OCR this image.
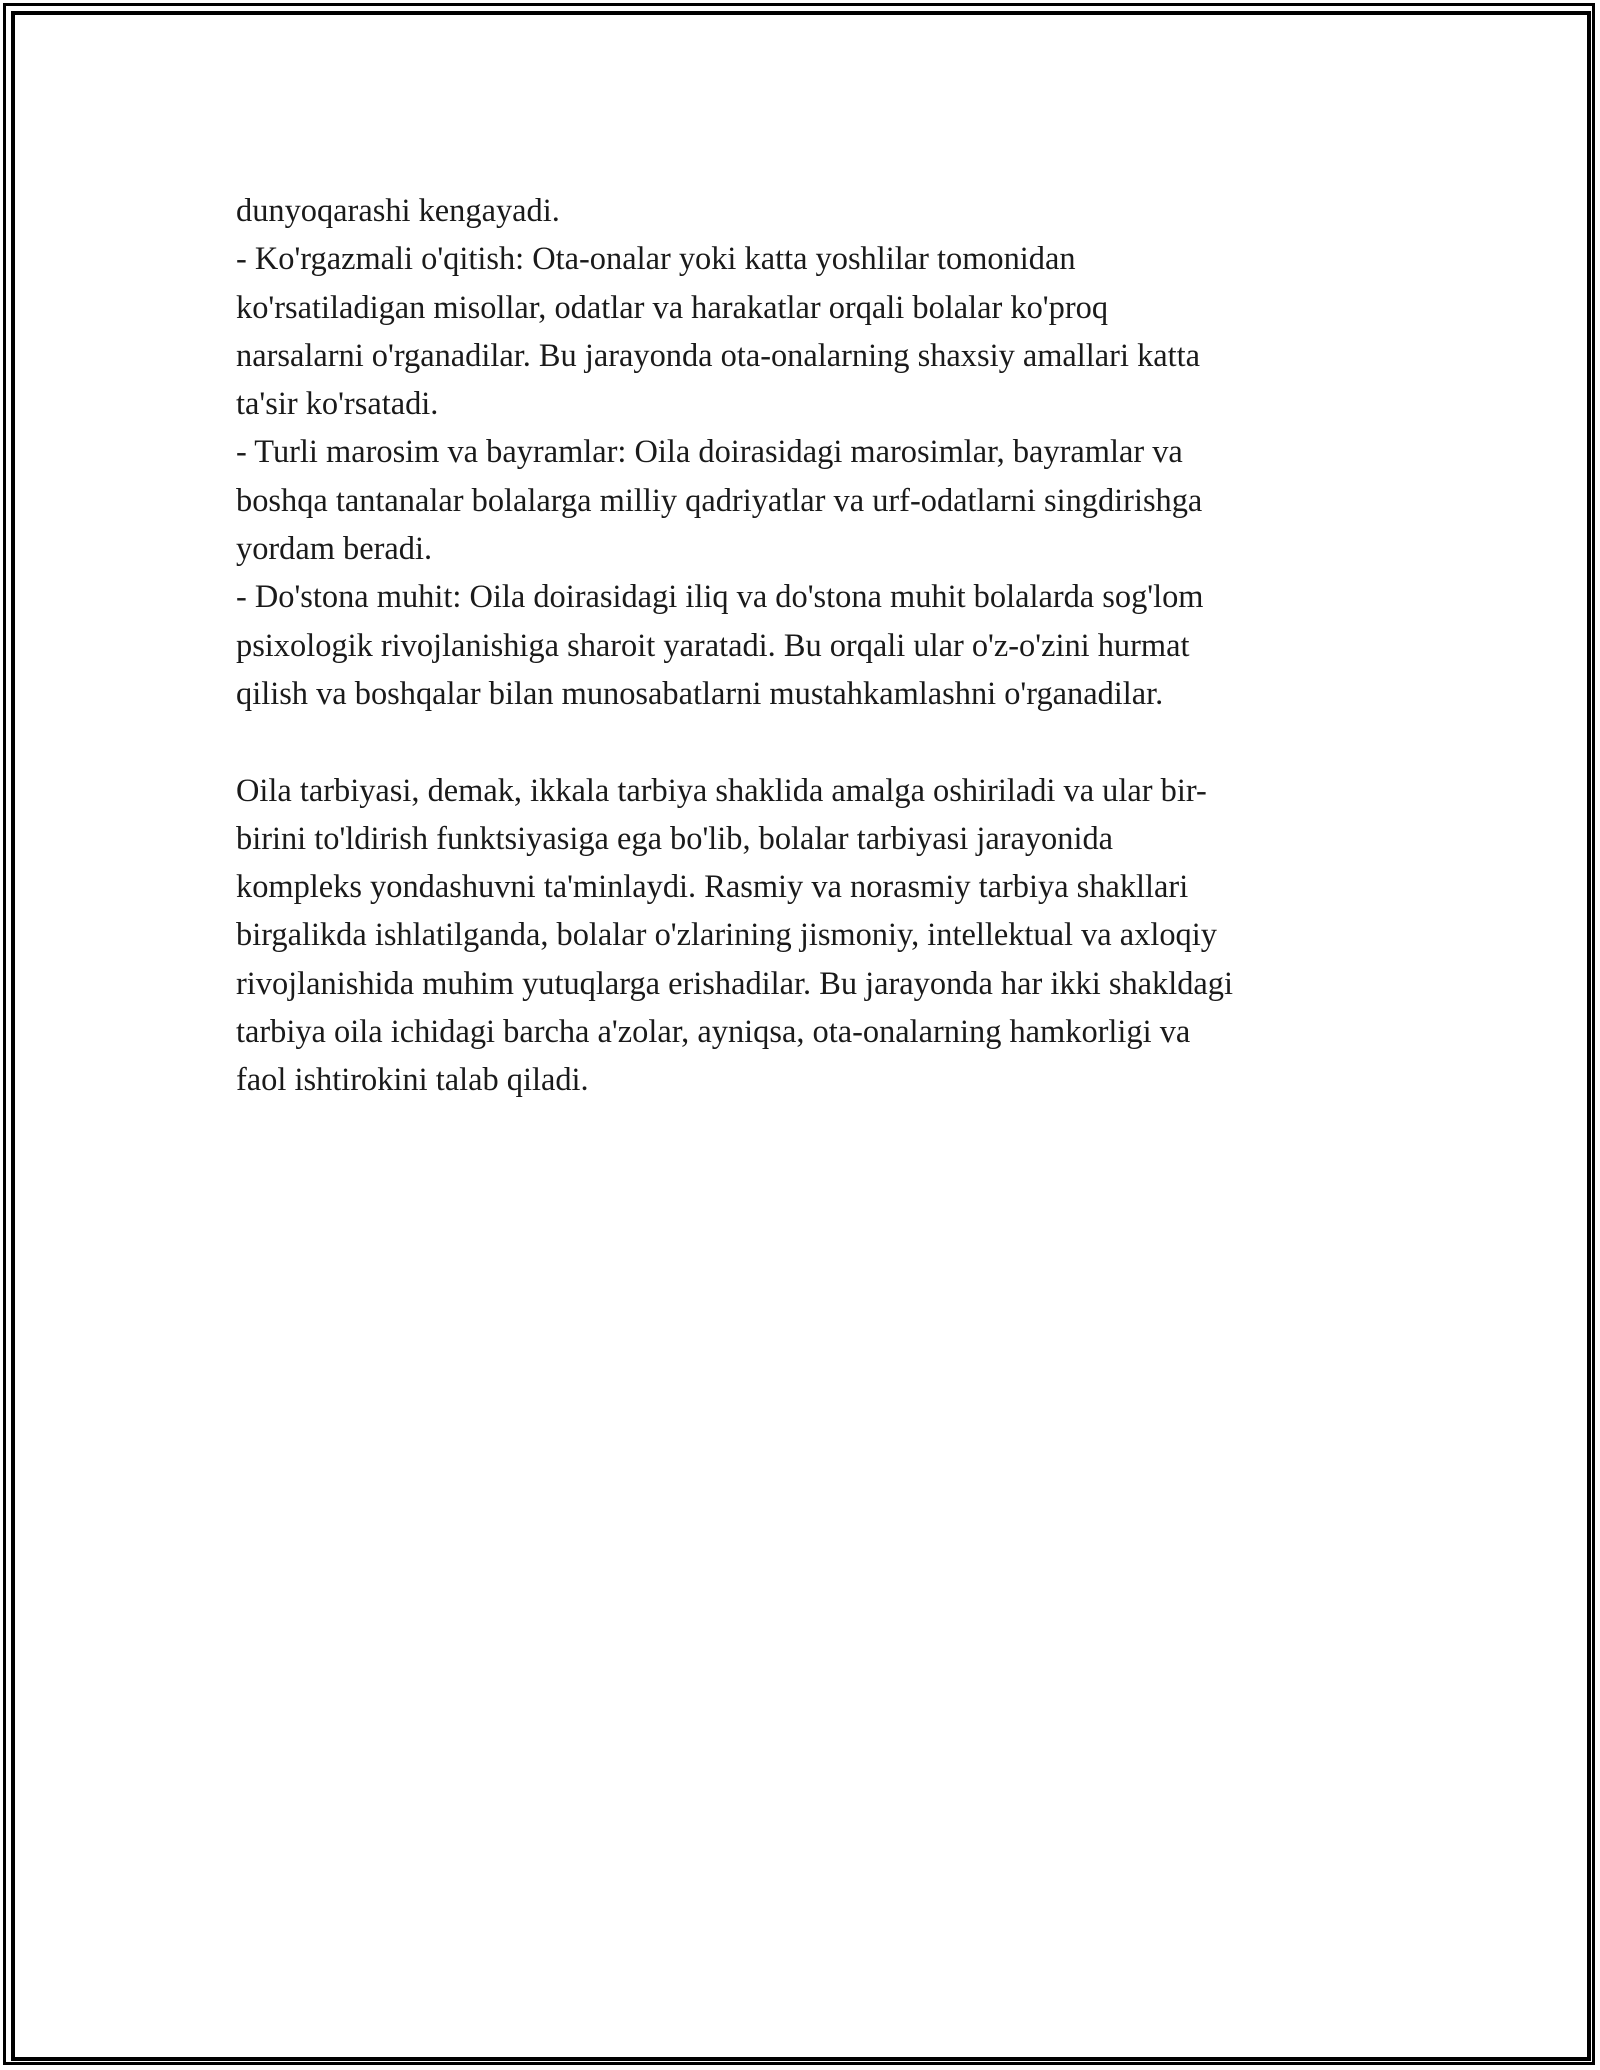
dunyoqarashi kengayadi.
- Ko'rgazmali o'qitish: Ota-onalar yoki katta yoshlilar tomonidan
ko'rsatiladigan misollar, odatlar va harakatlar orqali bolalar ko'proq
narsalarni o'rganadilar. Bu jarayonda ota-onalarning shaxsiy amallari katta
ta'sir ko'rsatadi.
- Turli marosim va bayramlar: Oila doirasidagi marosimlar, bayramlar va
boshqa tantanalar bolalarga milliy qadriyatlar va urf-odatlarni singdirishga
yordam beradi.
- Do'stona muhit: Oila doirasidagi iliq va do'stona muhit bolalarda sog'lom
psixologik rivojlanishiga sharoit yaratadi. Bu orqali ular o'z-o'zini hurmat
qilish va boshqalar bilan munosabatlarni mustahkamlashni o'rganadilar.
Oila tarbiyasi, demak, ikkala tarbiya shaklida amalga oshiriladi va ular bir-
birini to'ldirish funktsiyasiga ega bo'lib, bolalar tarbiyasi jarayonida
kompleks yondashuvni ta'minlaydi. Rasmiy va norasmiy tarbiya shakllari
birgalikda ishlatilganda, bolalar o'zlarining jismoniy, intellektual va axloqiy
rivojlanishida muhim yutuqlarga erishadilar. Bu jarayonda har ikki shakldagi
tarbiya oila ichidagi barcha a'zolar, ayniqsa, ota-onalarning hamkorligi va
faol ishtirokini talab qiladi.
